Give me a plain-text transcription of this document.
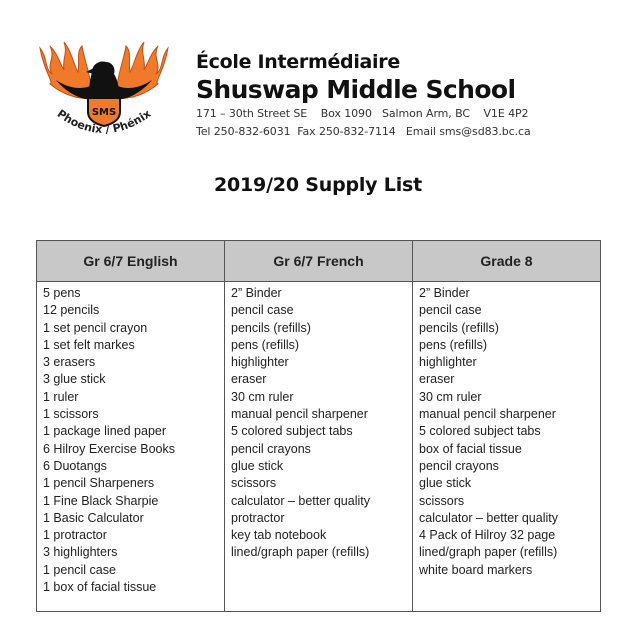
SMS
Phoenix / Phénix
École Intermédiaire
Shuswap Middle School
171 – 30th Street SE    Box 1090   Salmon Arm, BC    V1E 4P2
Tel 250-832-6031  Fax 250-832-7114   Email sms@sd83.bc.ca
2019/20 Supply List
Gr 6/7 English	Gr 6/7 French	Grade 8

5 pens
12 pencils
1 set pencil crayon
1 set felt markes
3 erasers
3 glue stick
1 ruler
1 scissors
1 package lined paper
6 Hilroy Exercise Books
6 Duotangs
1 pencil Sharpeners
1 Fine Black Sharpie
1 Basic Calculator
1 protractor
3 highlighters
1 pencil case
1 box of facial tissue

2” Binder
pencil case
pencils (refills)
pens (refills)
highlighter
eraser
30 cm ruler
manual pencil sharpener
5 colored subject tabs
pencil crayons
glue stick
scissors
calculator – better quality
protractor
key tab notebook
lined/graph paper (refills)

2” Binder
pencil case
pencils (refills)
pens (refills)
highlighter
eraser
30 cm ruler
manual pencil sharpener
5 colored subject tabs
box of facial tissue
pencil crayons
glue stick
scissors
calculator – better quality
4 Pack of Hilroy 32 page
lined/graph paper (refills)
white board markers
